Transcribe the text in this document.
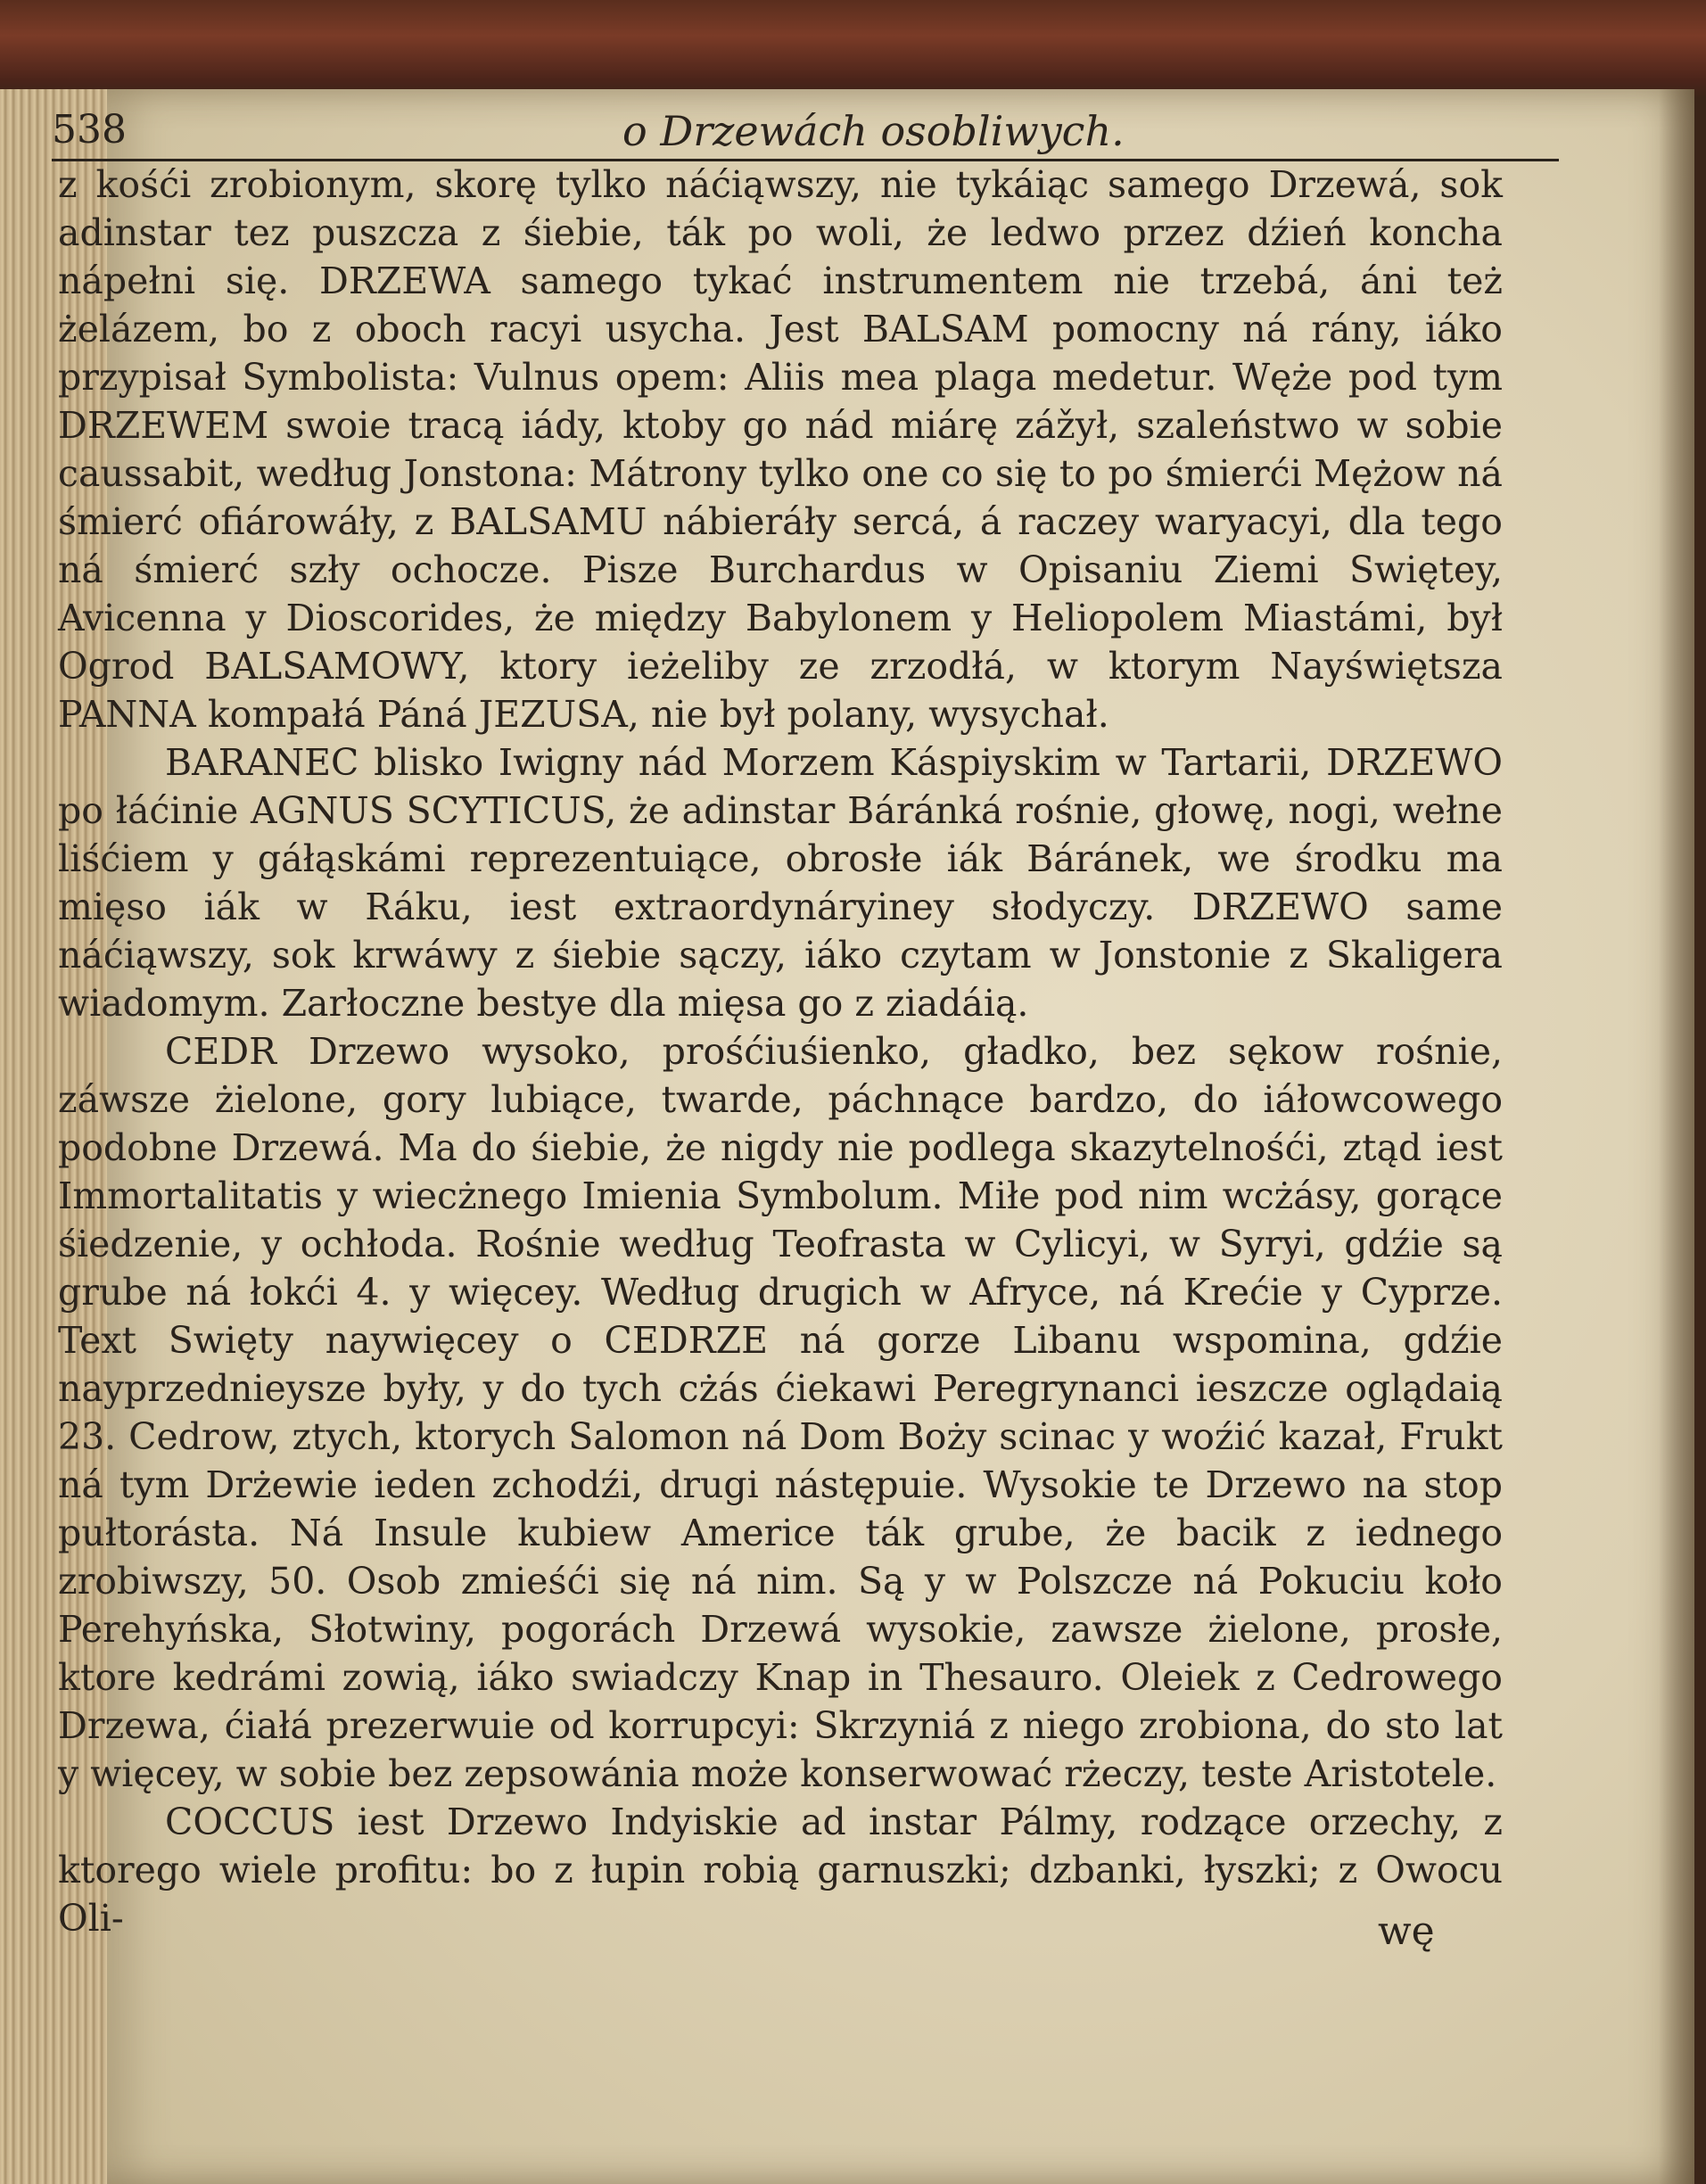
538	o Drzewách osobliwych.

z kośći zrobionym, skorę tylko náćiąwszy, nie tykáiąc samego Drzewá, sok adinstar tez puszcza z śiebie, ták po woli, że ledwo przez dźień koncha nápełni się. DRZEWA samego tykać instrumentem nie trzebá, áni też żelázem, bo z oboch racyi usycha. Jest BALSAM pomocny ná rány, iáko przypisał Symbolista: Vulnus opem: Aliis mea plaga medetur. Węże pod tym DRZEWEM swoie tracą iády, ktoby go nád miárę zážył, szaleństwo w sobie caussabit, według Jonstona: Mátrony tylko one co się to po śmierći Mężow ná śmierć ofiárowáły, z BALSAMU nábieráły sercá, á raczey waryacyi, dla tego ná śmierć szły ochocze. Pisze Burchardus w Opisaniu Ziemi Swiętey, Avicenna y Dioscorides, że między Babylonem y Heliopolem Miastámi, był Ogrod BALSAMOWY, ktory ieżeliby ze zrzodłá, w ktorym Nayświętsza PANNA kompałá Páná JEZUSA, nie był polany, wysychał.

BARANEC blisko Iwigny nád Morzem Káspiyskim w Tartarii, DRZEWO po łáćinie AGNUS SCYTICUS, że adinstar Báránká rośnie, głowę, nogi, wełne liśćiem y gáłąskámi reprezentuiące, obrosłe iák Báránek, we środku ma mięso iák w Ráku, iest extraordynáryiney słodyczy. DRZEWO same náćiąwszy, sok krwáwy z śiebie sączy, iáko czytam w Jonstonie z Skaligera wiadomym. Zarłoczne bestye dla mięsa go z ziadáią.

CEDR Drzewo wysoko, prośćiuśienko, gładko, bez sękow rośnie, záwsze żielone, gory lubiące, twarde, páchnące bardzo, do iáłowcowego podobne Drzewá. Ma do śiebie, że nigdy nie podlega skazytelnośći, ztąd iest Immortalitatis y wiecżnego Imienia Symbolum. Miłe pod nim wcżásy, gorące śiedzenie, y ochłoda. Rośnie według Teofrasta w Cylicyi, w Syryi, gdźie są grube ná łokći 4. y więcey. Według drugich w Afryce, ná Krećie y Cyprze. Text Swięty naywięcey o CEDRZE ná gorze Libanu wspomina, gdźie nayprzednieysze były, y do tych cżás ćiekawi Peregrynanci ieszcze oglądaią 23. Cedrow, ztych, ktorych Salomon ná Dom Boży scinac y woźić kazał, Frukt ná tym Drżewie ieden zchodźi, drugi nástępuie. Wysokie te Drzewo na stop pułtorásta. Ná Insule kubiew Americe ták grube, że bacik z iednego zrobiwszy, 50. Osob zmieśći się ná nim. Są y w Polszcze ná Pokuciu koło Perehyńska, Słotwiny, pogorách Drzewá wysokie, zawsze żielone, prosłe, ktore kedrámi zowią, iáko swiadczy Knap in Thesauro. Oleiek z Cedrowego Drzewa, ćiałá prezerwuie od korrupcyi: Skrzyniá z niego zrobiona, do sto lat y więcey, w sobie bez zepsowánia może konserwować rżeczy, teste Aristotele.

COCCUS iest Drzewo Indyiskie ad instar Pálmy, rodzące orzechy, z ktorego wiele profitu: bo z łupin robią garnuszki; dzbanki, łyszki; z Owocu Oli-	wę
